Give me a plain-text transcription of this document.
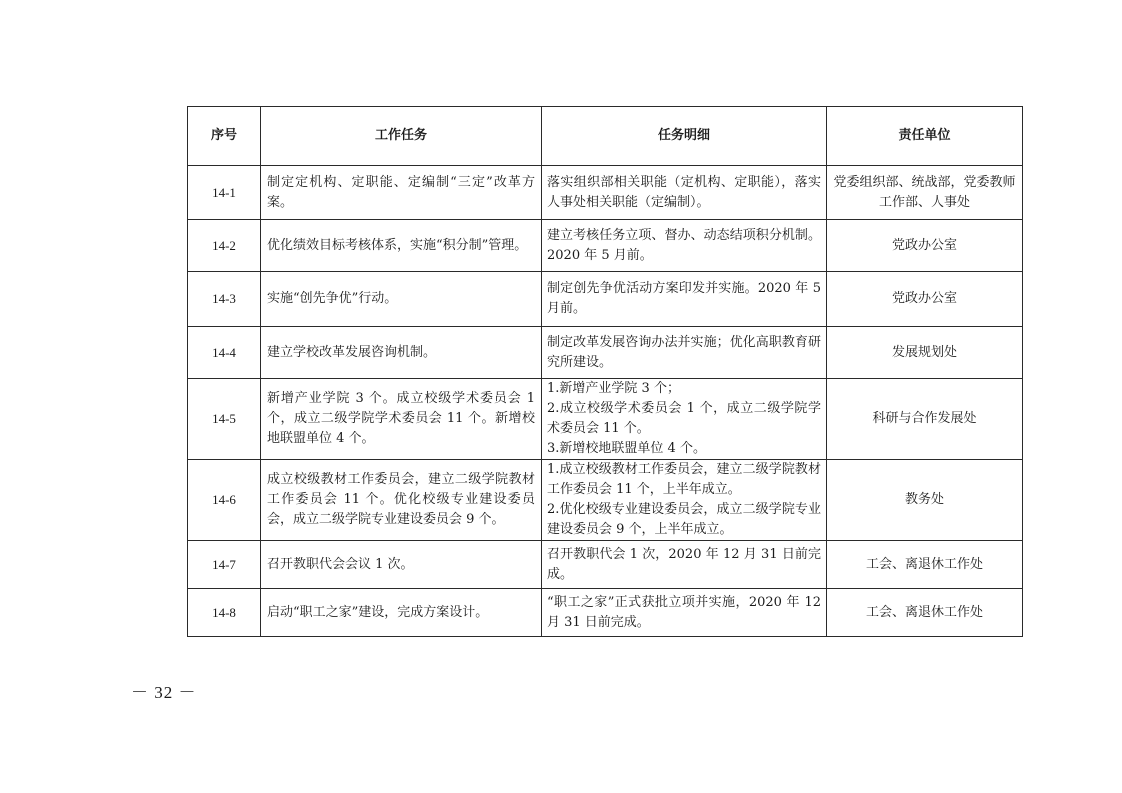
序号	工作任务	任务明细	责任单位
14-1	制定定机构、定职能、定编制“三定”改革方案。	落实组织部相关职能（定机构、定职能），落实人事处相关职能（定编制）。	党委组织部、统战部，党委教师工作部、人事处
14-2	优化绩效目标考核体系，实施“积分制”管理。	建立考核任务立项、督办、动态结项积分机制。2020 年 5 月前。	党政办公室
14-3	实施“创先争优”行动。	制定创先争优活动方案印发并实施。2020 年 5 月前。	党政办公室
14-4	建立学校改革发展咨询机制。	制定改革发展咨询办法并实施；优化高职教育研究所建设。	发展规划处
14-5	新增产业学院 3 个。成立校级学术委员会 1 个，成立二级学院学术委员会 11 个。新增校地联盟单位 4 个。	1.新增产业学院 3 个；
2.成立校级学术委员会 1 个，成立二级学院学术委员会 11 个。
3.新增校地联盟单位 4 个。	科研与合作发展处
14-6	成立校级教材工作委员会，建立二级学院教材工作委员会 11 个。优化校级专业建设委员会，成立二级学院专业建设委员会 9 个。	1.成立校级教材工作委员会，建立二级学院教材工作委员会 11 个，上半年成立。
2.优化校级专业建设委员会，成立二级学院专业建设委员会 9 个，上半年成立。	教务处
14-7	召开教职代会会议 1 次。	召开教职代会 1 次，2020 年 12 月 31 日前完成。	工会、离退休工作处
14-8	启动“职工之家”建设，完成方案设计。	“职工之家”正式获批立项并实施，2020 年 12 月 31 日前完成。	工会、离退休工作处
－ 32 －
